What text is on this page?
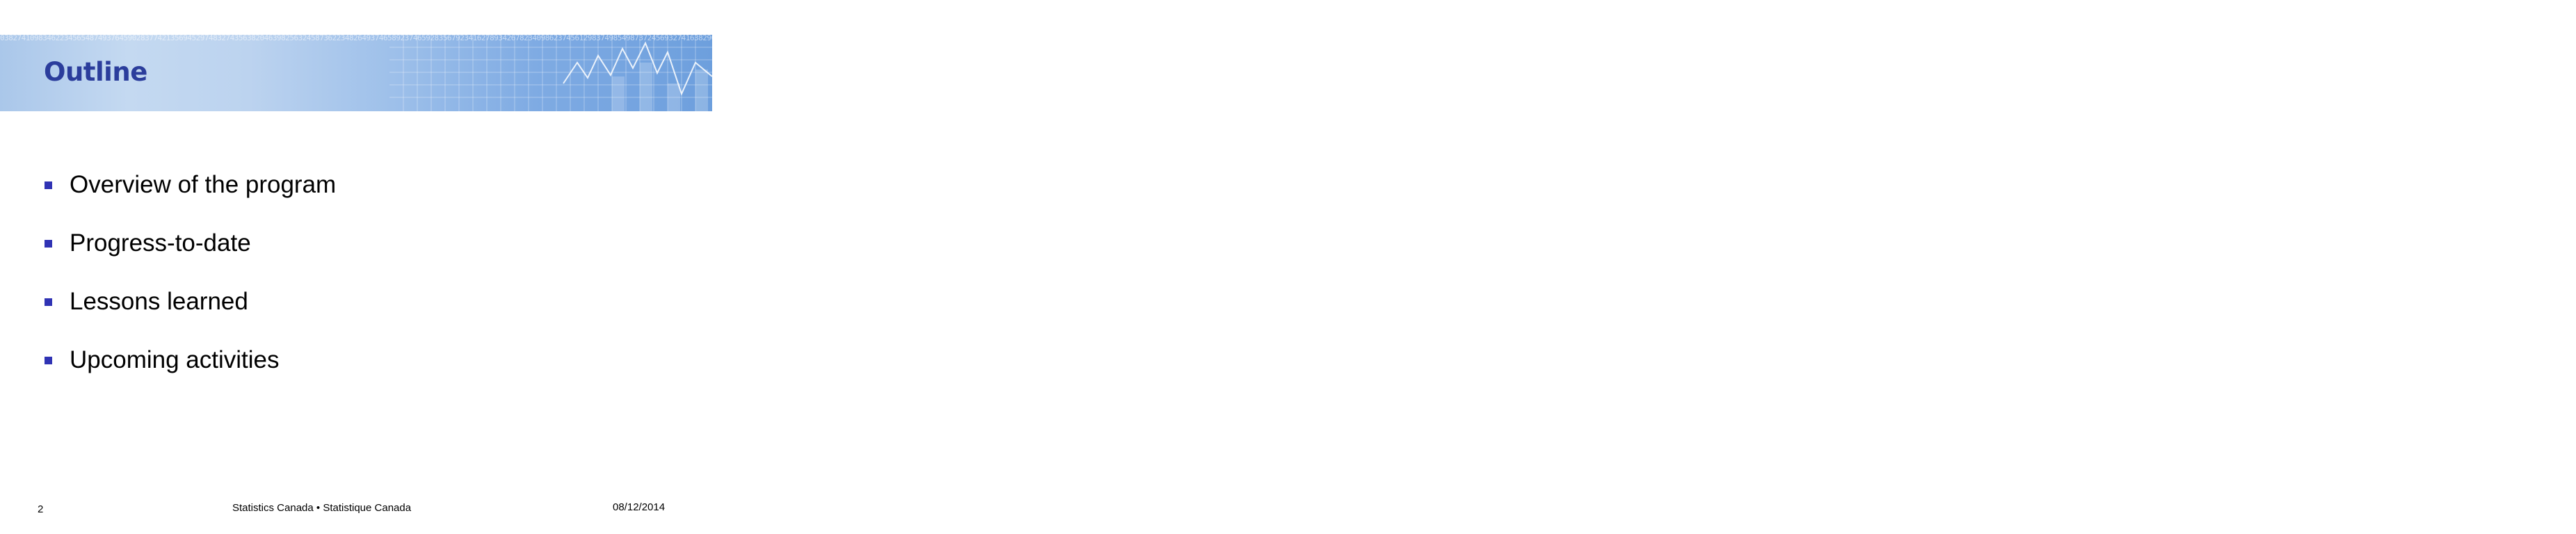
03827410983462234565487493764590283774213569452974832743563820463982563245873622348264937465892374659283567923416278934267823409862374561298374985498737245693274163829047568238741623986245178340928347653092843742375963294864729743694627346247562038974623847562938746523984756239847562938745623984756239874562398745623984756239847562398475623984756239874562398475623984756239847562384576238475623847562398475623984756239847562398475623984756239847562398475623984756239874562398745623987456239874562398745623984756239874562398475623984756239847562398475623984756239847562398475623984756234567898765432345678
Outline
Overview of the program
Progress-to-date
Lessons learned
Upcoming activities
2	Statistics Canada • Statistique Canada	08/12/2014
